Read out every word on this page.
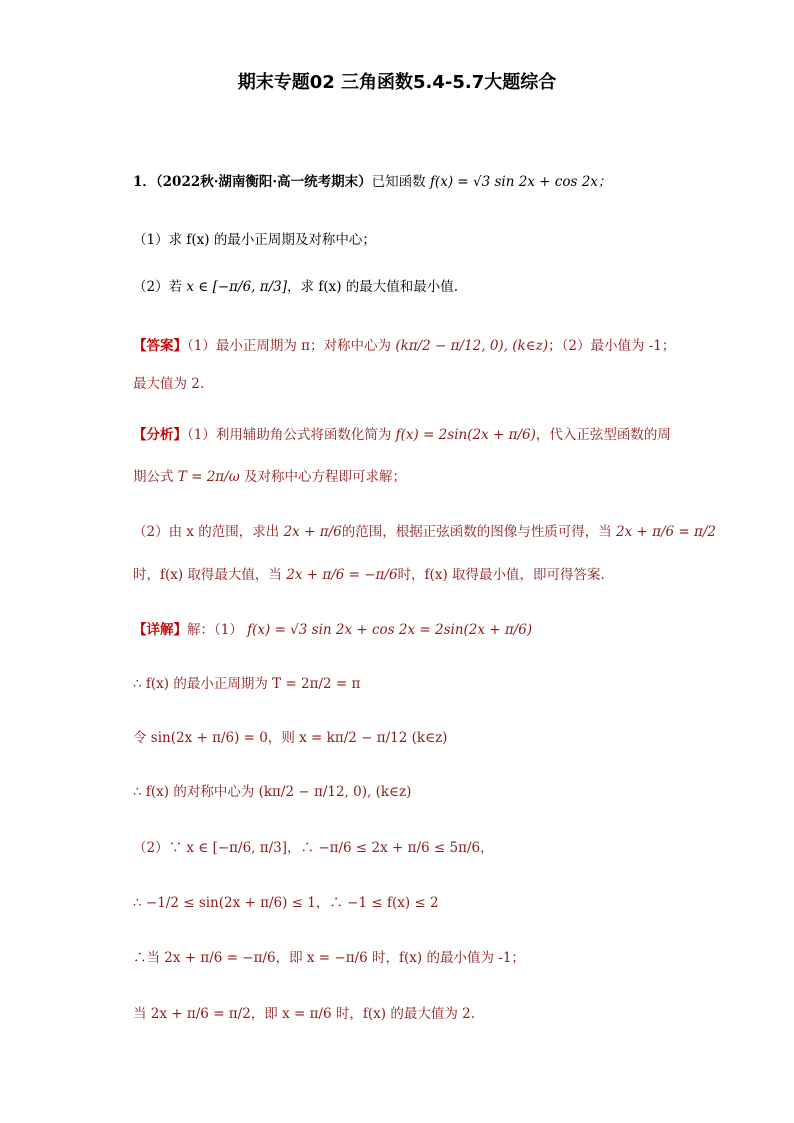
期末专题02 三角函数5.4-5.7大题综合
1．（2022秋·湖南衡阳·高一统考期末）已知函数 f(x) = √3 sin 2x + cos 2x；
（1）求 f(x) 的最小正周期及对称中心；
（2）若 x ∈ [−π/6, π/3]，求 f(x) 的最大值和最小值.
【答案】（1）最小正周期为 π；对称中心为 (kπ/2 − π/12, 0), (k∈z)；（2）最小值为 -1；
最大值为 2.
【分析】（1）利用辅助角公式将函数化简为 f(x) = 2sin(2x + π/6)，代入正弦型函数的周
期公式 T = 2π/ω 及对称中心方程即可求解；
（2）由 x 的范围，求出 2x + π/6的范围，根据正弦函数的图像与性质可得，当 2x + π/6 = π/2
时，f(x) 取得最大值，当 2x + π/6 = −π/6时，f(x) 取得最小值，即可得答案.
【详解】解：（1） f(x) = √3 sin 2x + cos 2x = 2sin(2x + π/6)
∴ f(x) 的最小正周期为 T = 2π/2 = π
令 sin(2x + π/6) = 0，则 x = kπ/2 − π/12 (k∈z)
∴ f(x) 的对称中心为 (kπ/2 − π/12, 0), (k∈z)
（2）∵ x ∈ [−π/6, π/3]，∴ −π/6 ≤ 2x + π/6 ≤ 5π/6，
∴ −1/2 ≤ sin(2x + π/6) ≤ 1，∴ −1 ≤ f(x) ≤ 2
∴当 2x + π/6 = −π/6，即 x = −π/6 时，f(x) 的最小值为 -1；
当 2x + π/6 = π/2，即 x = π/6 时，f(x) 的最大值为 2.
